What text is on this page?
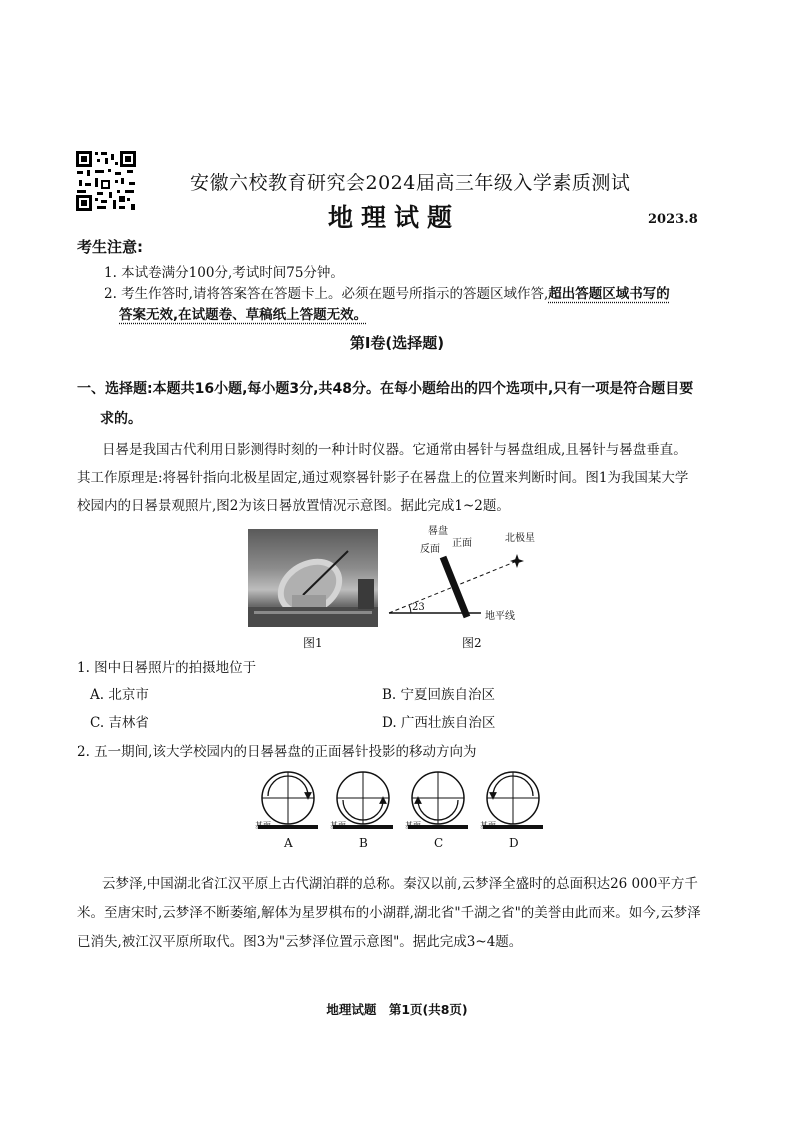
安徽六校教育研究会2024届高三年级入学素质测试
地理试题	2023.8
考生注意:
1. 本试卷满分100分,考试时间75分钟。
2. 考生作答时,请将答案答在答题卡上。必须在题号所指示的答题区域作答,超出答题区域书写的
答案无效,在试题卷、草稿纸上答题无效。
第Ⅰ卷(选择题)
一、选择题:本题共16小题,每小题3分,共48分。在每小题给出的四个选项中,只有一项是符合题目要
求的。
日晷是我国古代利用日影测得时刻的一种计时仪器。它通常由晷针与晷盘组成,且晷针与晷盘垂直。
其工作原理是:将晷针指向北极星固定,通过观察晷针影子在晷盘上的位置来判断时间。图1为我国某大学
校园内的日晷景观照片,图2为该日晷放置情况示意图。据此完成1~2题。
图1
晷盘
正面
反面
北极星
23
地平线
图2
1. 图中日晷照片的拍摄地位于
A. 北京市	B. 宁夏回族自治区
C. 吉林省	D. 广西壮族自治区
2. 五一期间,该大学校园内的日晷晷盘的正面晷针投影的移动方向为
基面	基面	基面	基面
A	B	C	D
云梦泽,中国湖北省江汉平原上古代湖泊群的总称。秦汉以前,云梦泽全盛时的总面积达26 000平方千
米。至唐宋时,云梦泽不断萎缩,解体为星罗棋布的小湖群,湖北省"千湖之省"的美誉由此而来。如今,云梦泽
已消失,被江汉平原所取代。图3为"云梦泽位置示意图"。据此完成3~4题。
地理试题　第1页(共8页)
